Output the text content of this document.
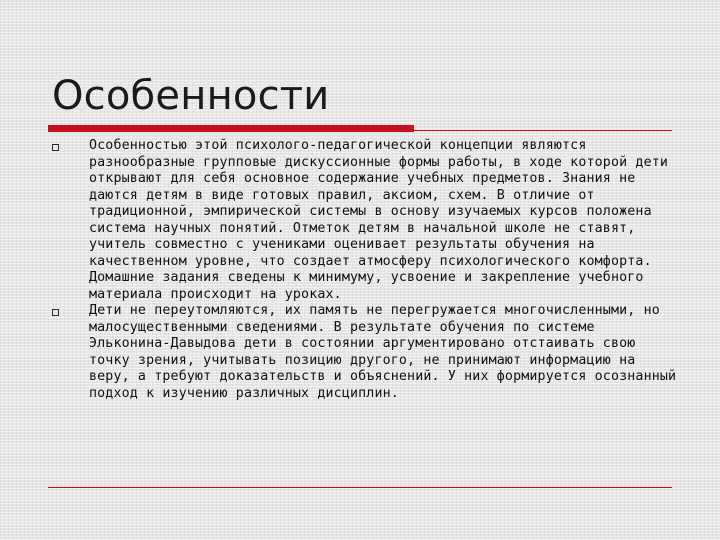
Особенности
Особенностью этой психолого-педагогической концепции являются разнообразные групповые дискуссионные формы работы, в ходе которой дети открывают для себя основное содержание учебных предметов. Знания не даются детям в виде готовых правил, аксиом, схем. В отличие от традиционной, эмпирической системы в основу изучаемых курсов положена система научных понятий. Отметок детям в начальной школе не ставят, учитель совместно с учениками оценивает результаты обучения на качественном уровне, что создает атмосферу психологического комфорта. Домашние задания сведены к минимуму, усвоение и закрепление учебного материала происходит на уроках.
Дети не переутомляются, их память не перегружается многочисленными, но малосущественными сведениями. В результате обучения по системе Эльконина-Давыдова дети в состоянии аргументировано отстаивать свою точку зрения, учитывать позицию другого, не принимают информацию на веру, а требуют доказательств и объяснений. У них формируется осознанный подход к изучению различных дисциплин.
